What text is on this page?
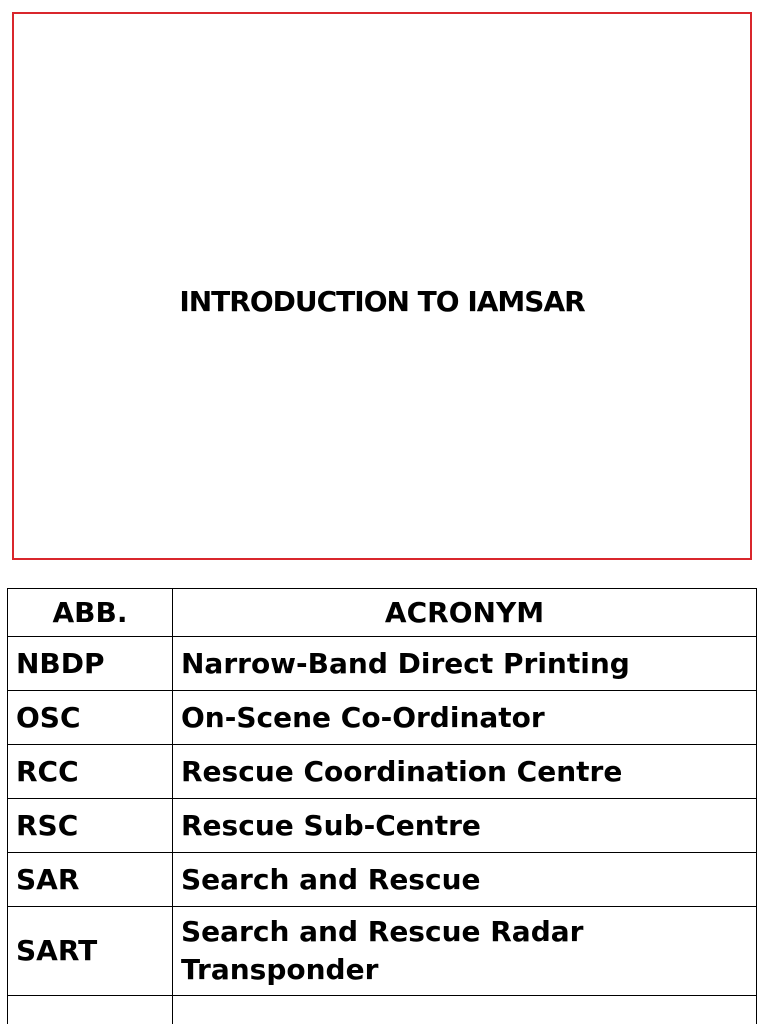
INTRODUCTION TO IAMSAR
ABB.	ACRONYM
NBDP	Narrow-Band Direct Printing
OSC	On-Scene Co-Ordinator
RCC	Rescue Coordination Centre
RSC	Rescue Sub-Centre
SAR	Search and Rescue
SART	Search and Rescue Radar Transponder
